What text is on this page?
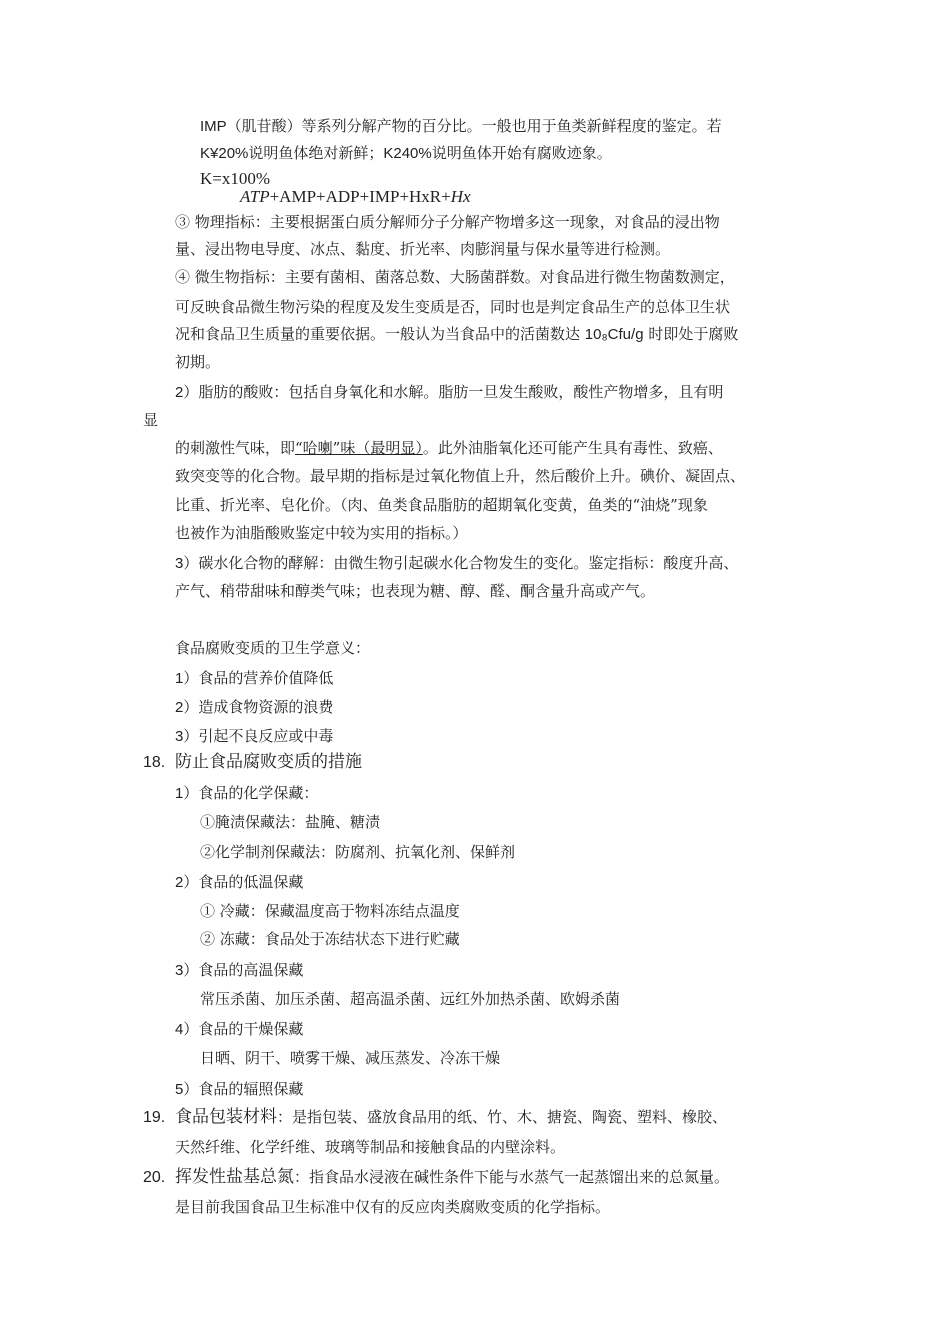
IMP（肌苷酸）等系列分解产物的百分比。一般也用于鱼类新鲜程度的鉴定。若
K¥20%说明鱼体绝对新鲜；K240%说明鱼体开始有腐败迹象。
K=x100%
ATP+AMP+ADP+IMP+HxR+Hx
③ 物理指标：主要根据蛋白质分解师分子分解产物增多这一现象，对食品的浸出物
量、浸出物电导度、冰点、黏度、折光率、肉膨润量与保水量等进行检测。
④ 微生物指标：主要有菌相、菌落总数、大肠菌群数。对食品进行微生物菌数测定，
可反映食品微生物污染的程度及发生变质是否，同时也是判定食品生产的总体卫生状
况和食品卫生质量的重要依据。一般认为当食品中的活菌数达 10₈Cfu/g 时即处于腐败
初期。
2）脂肪的酸败：包括自身氧化和水解。脂肪一旦发生酸败，酸性产物增多，且有明
显
的刺激性气味，即“哈喇”味（最明显）。此外油脂氧化还可能产生具有毒性、致癌、
致突变等的化合物。最早期的指标是过氧化物值上升，然后酸价上升。碘价、凝固点、
比重、折光率、皂化价。（肉、鱼类食品脂肪的超期氧化变黄，鱼类的“油烧”现象
也被作为油脂酸败鉴定中较为实用的指标。）
3）碳水化合物的酵解：由微生物引起碳水化合物发生的变化。鉴定指标：酸度升高、
产气、稍带甜味和醇类气味；也表现为糖、醇、醛、酮含量升高或产气。
食品腐败变质的卫生学意义：
1）食品的营养价值降低
2）造成食物资源的浪费
3）引起不良反应或中毒
18. 防止食品腐败变质的措施
1）食品的化学保藏：
①腌渍保藏法：盐腌、糖渍
②化学制剂保藏法：防腐剂、抗氧化剂、保鲜剂
2）食品的低温保藏
① 冷藏：保藏温度高于物料冻结点温度
② 冻藏：食品处于冻结状态下进行贮藏
3）食品的高温保藏
常压杀菌、加压杀菌、超高温杀菌、远红外加热杀菌、欧姆杀菌
4）食品的干燥保藏
日晒、阴干、喷雾干燥、减压蒸发、冷冻干燥
5）食品的辐照保藏
19. 食品包装材料：是指包装、盛放食品用的纸、竹、木、搪瓷、陶瓷、塑料、橡胶、
天然纤维、化学纤维、玻璃等制品和接触食品的内壁涂料。
20. 挥发性盐基总氮：指食品水浸液在碱性条件下能与水蒸气一起蒸馏出来的总氮量。
是目前我国食品卫生标准中仅有的反应肉类腐败变质的化学指标。
